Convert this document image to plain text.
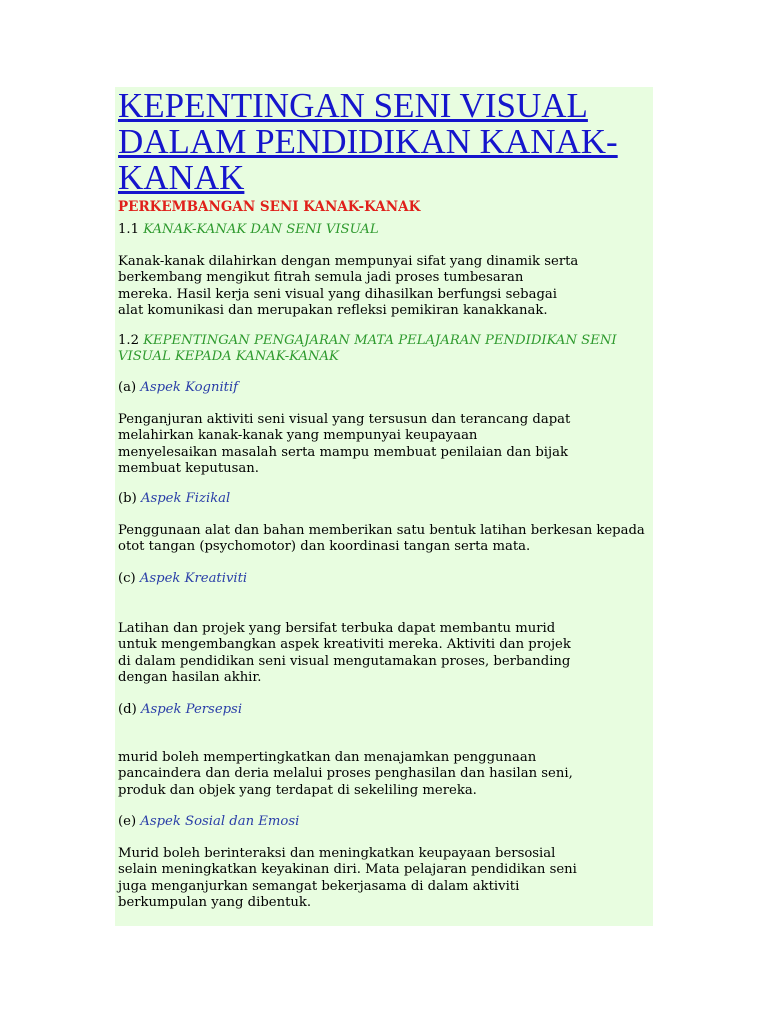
KEPENTINGAN SENI VISUAL
DALAM PENDIDIKAN KANAK-
KANAK
PERKEMBANGAN SENI KANAK-KANAK

1.1 KANAK-KANAK DAN SENI VISUAL

Kanak-kanak dilahirkan dengan mempunyai sifat yang dinamik serta
berkembang mengikut fitrah semula jadi proses tumbesaran
mereka. Hasil kerja seni visual yang dihasilkan berfungsi sebagai
alat komunikasi dan merupakan refleksi pemikiran kanakkanak.

1.2 KEPENTINGAN PENGAJARAN MATA PELAJARAN PENDIDIKAN SENI
VISUAL KEPADA KANAK-KANAK

(a) Aspek Kognitif

Penganjuran aktiviti seni visual yang tersusun dan terancang dapat
melahirkan kanak-kanak yang mempunyai keupayaan
menyelesaikan masalah serta mampu membuat penilaian dan bijak
membuat keputusan.

(b) Aspek Fizikal

Penggunaan alat dan bahan memberikan satu bentuk latihan berkesan kepada
otot tangan (psychomotor) dan koordinasi tangan serta mata.

(c) Aspek Kreativiti

Latihan dan projek yang bersifat terbuka dapat membantu murid
untuk mengembangkan aspek kreativiti mereka. Aktiviti dan projek
di dalam pendidikan seni visual mengutamakan proses, berbanding
dengan hasilan akhir.

(d) Aspek Persepsi

murid boleh mempertingkatkan dan menajamkan penggunaan
pancaindera dan deria melalui proses penghasilan dan hasilan seni,
produk dan objek yang terdapat di sekeliling mereka.

(e) Aspek Sosial dan Emosi

Murid boleh berinteraksi dan meningkatkan keupayaan bersosial
selain meningkatkan keyakinan diri. Mata pelajaran pendidikan seni
juga menganjurkan semangat bekerjasama di dalam aktiviti
berkumpulan yang dibentuk.
